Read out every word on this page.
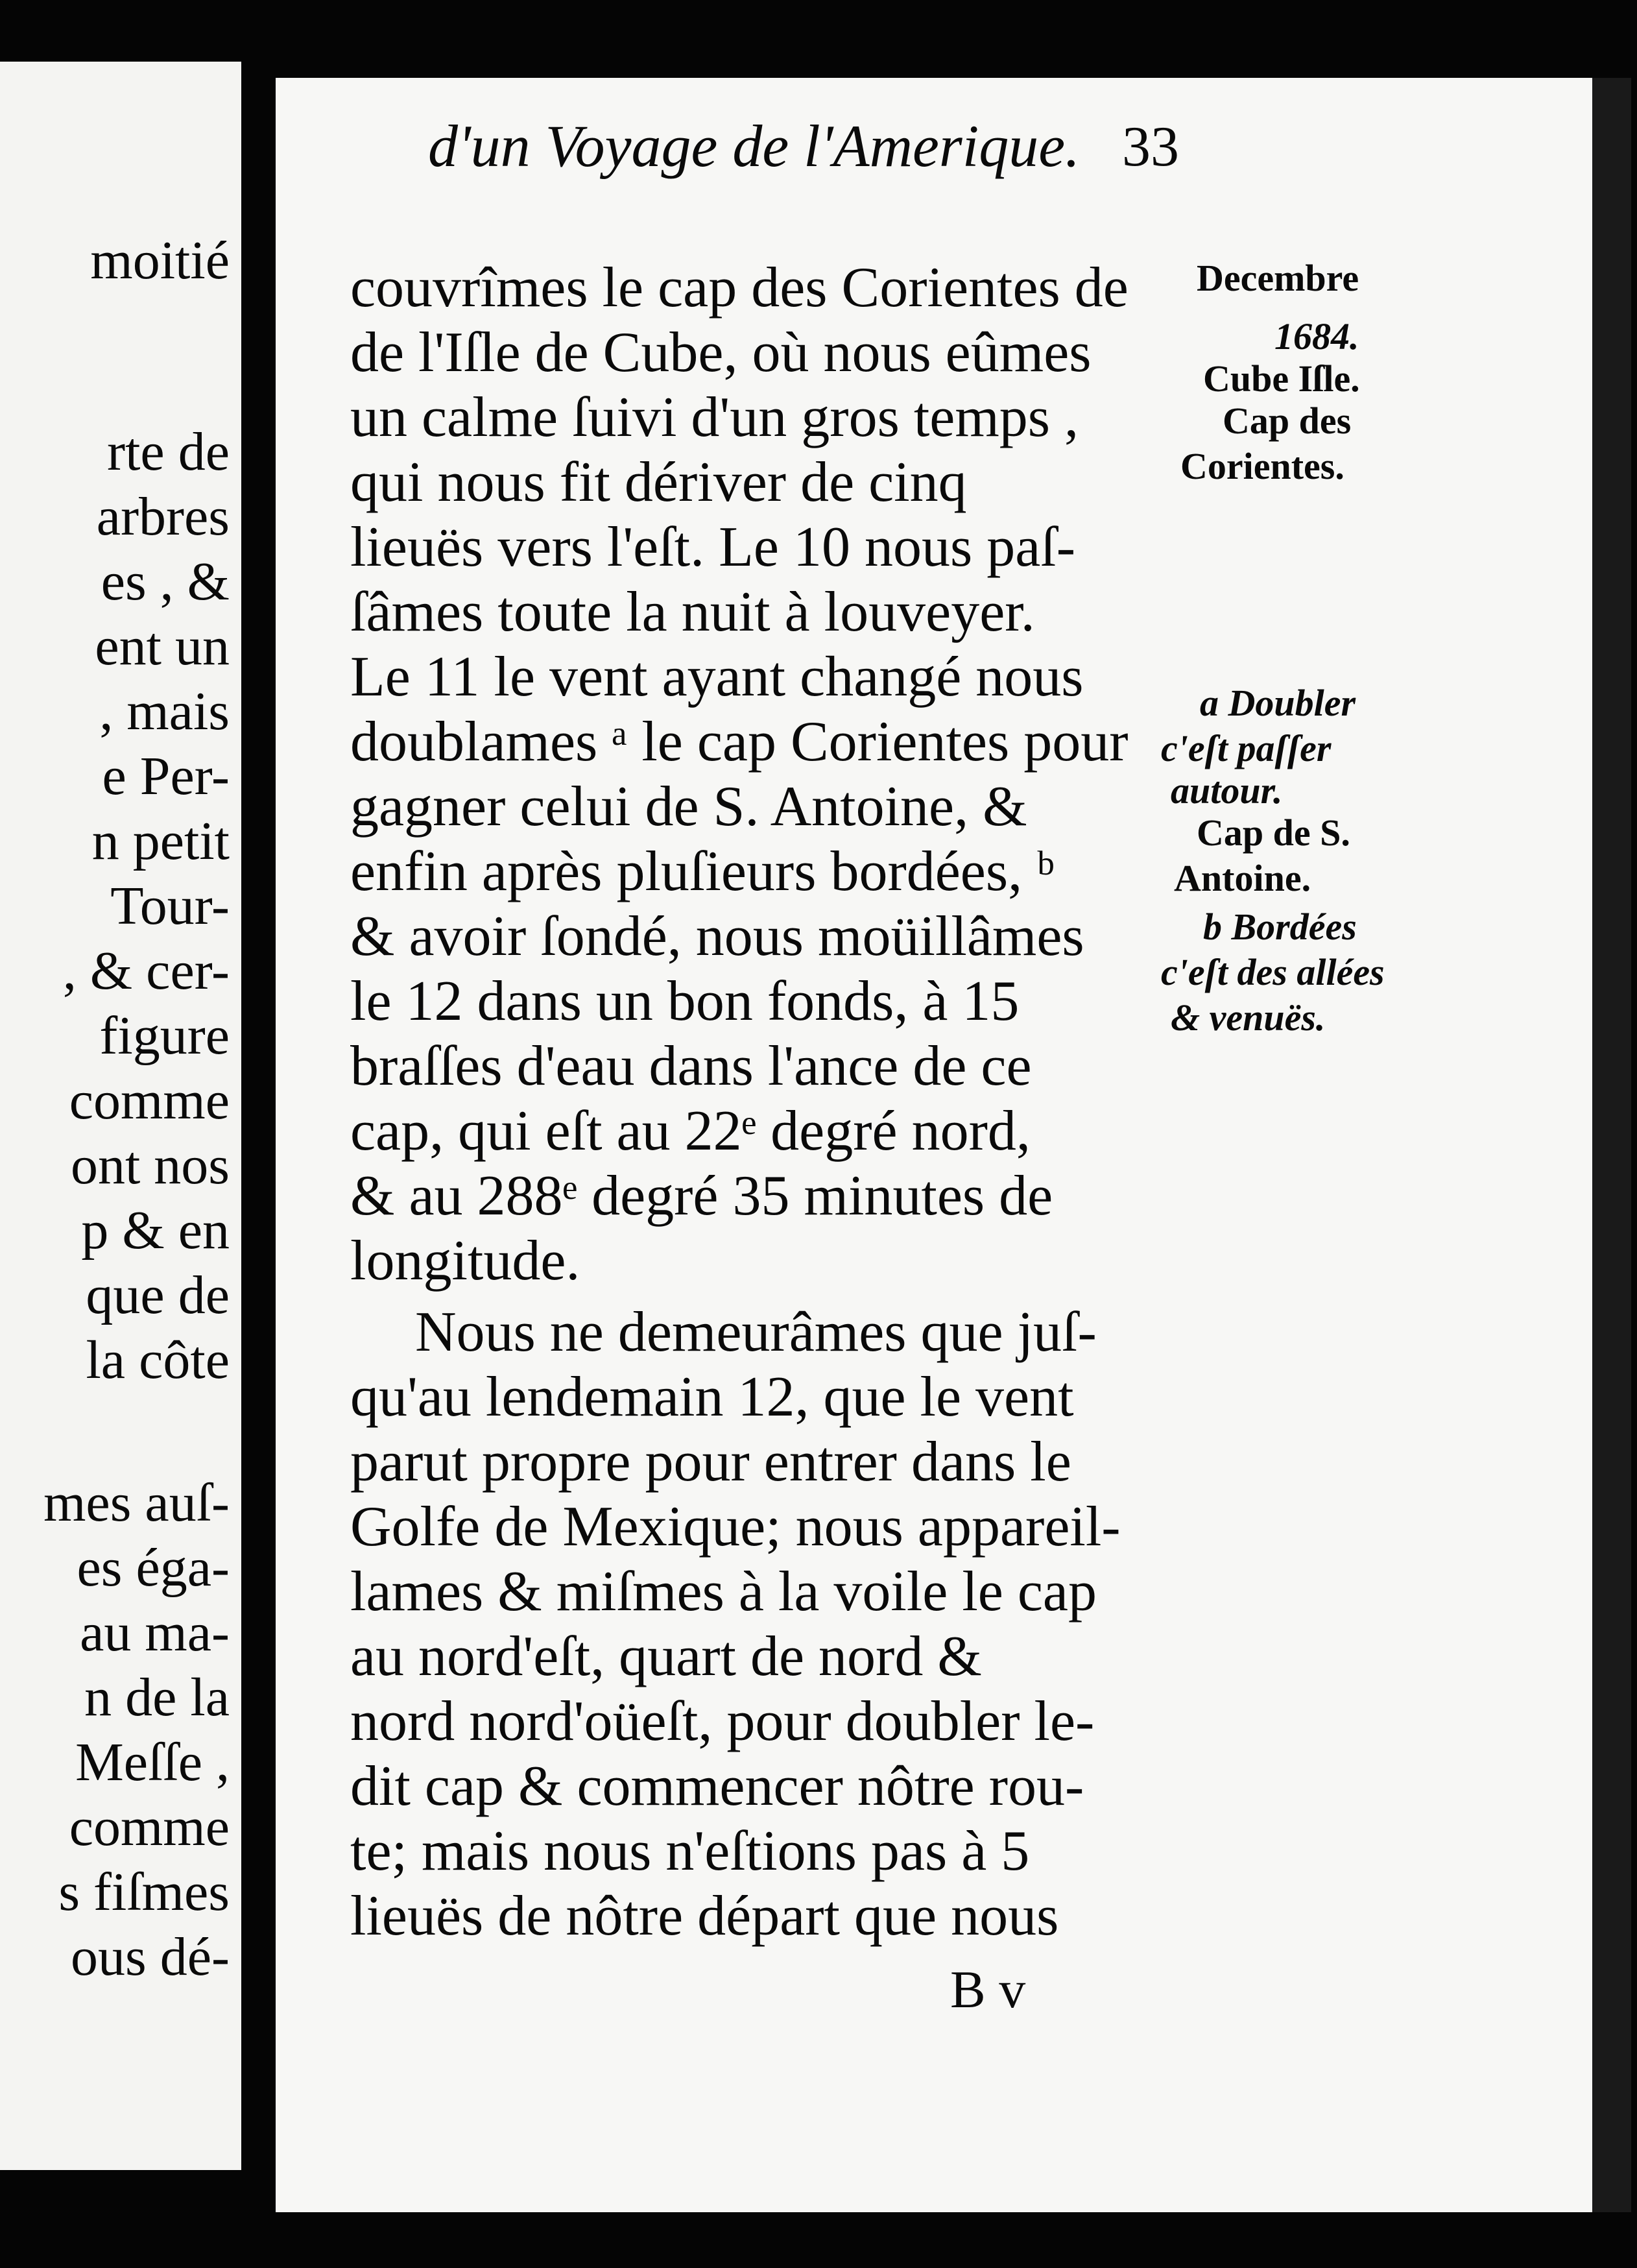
moitié
rte de
arbres
es , &
ent un
, mais
e Per-
n petit
Tour-
, & cer-
figure
comme
ont nos
p & en
que de
la côte
mes auſ-
es éga-
au ma-
n de la
Meſſe ,
comme
s fiſmes
ous dé-
d'un Voyage de l'Amerique. 33
couvrîmes le cap des Corientes de
de l'Iſle de Cube, où nous eûmes
un calme ſuivi d'un gros temps ,
qui nous fit dériver de cinq
lieuës vers l'eſt. Le 10 nous paſ-
ſâmes toute la nuit à louveyer.
Le 11 le vent ayant changé nous
doublames ᵃ le cap Corientes pour
gagner celui de S. Antoine, &
enfin après pluſieurs bordées, ᵇ
& avoir ſondé, nous moüillâmes
le 12 dans un bon fonds, à 15
braſſes d'eau dans l'ance de ce
cap, qui eſt au 22ᵉ degré nord,
& au 288ᵉ degré 35 minutes de
longitude.
Nous ne demeurâmes que juſ-
qu'au lendemain 12, que le vent
parut propre pour entrer dans le
Golfe de Mexique; nous appareil-
lames & miſmes à la voile le cap
au nord'eſt, quart de nord &
nord nord'oüeſt, pour doubler le-
dit cap & commencer nôtre rou-
te; mais nous n'eſtions pas à 5
lieuës de nôtre départ que nous
B v
Decembre
1684.
Cube Iſle.
Cap des
Corientes.
a Doubler
c'eſt paſſer
autour.
Cap de S.
Antoine.
b Bordées
c'eſt des allées
& venuës.
